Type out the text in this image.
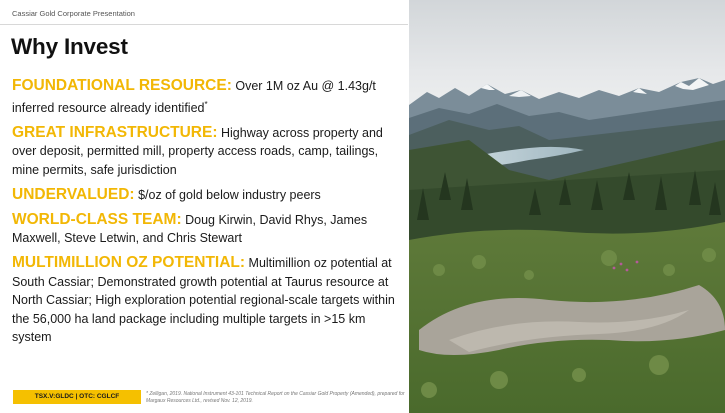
Cassiar Gold Corporate Presentation
Why Invest
FOUNDATIONAL RESOURCE: Over 1M oz Au @ 1.43g/t inferred resource already identified*
GREAT INFRASTRUCTURE: Highway across property and over deposit, permitted mill, property access roads, camp, tailings, mine permits, safe jurisdiction
UNDERVALUED: $/oz of gold below industry peers
WORLD-CLASS TEAM: Doug Kirwin, David Rhys, James Maxwell, Steve Letwin, and Chris Stewart
MULTIMILLION OZ POTENTIAL: Multimillion oz potential at South Cassiar; Demonstrated growth potential at Taurus resource at North Cassiar; High exploration potential regional-scale targets within the 56,000 ha land package including multiple targets in >15 km system
TSX.V:GLDC | OTC: CGLCF	* Zelligan, 2019. National Instrument 43-101 Technical Report on the Cassiar Gold Property (Amended), prepared for Margaux Resources Ltd., revised Nov. 12, 2019.
